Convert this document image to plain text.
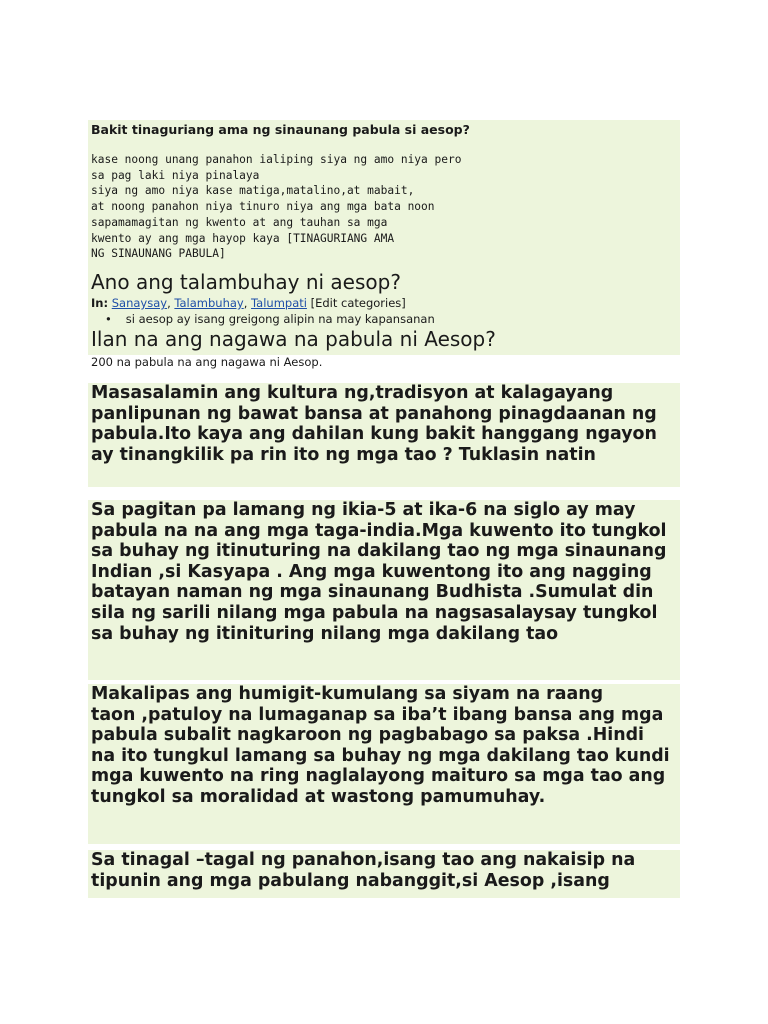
Bakit tinaguriang ama ng sinaunang pabula si aesop?
kase noong unang panahon ialiping siya ng amo niya pero
sa pag laki niya pinalaya
siya ng amo niya kase matiga,matalino,at mabait,
at noong panahon niya tinuro niya ang mga bata noon
sapamamagitan ng kwento at ang tauhan sa mga
kwento ay ang mga hayop kaya [TINAGURIANG AMA
NG SINAUNANG PABULA]
Ano ang talambuhay ni aesop?
In: Sanaysay, Talambuhay, Talumpati [Edit categories]
• si aesop ay isang greigong alipin na may kapansanan
Ilan na ang nagawa na pabula ni Aesop?
200 na pabula na ang nagawa ni Aesop.
Masasalamin ang kultura ng,tradisyon at kalagayang
panlipunan ng bawat bansa at panahong pinagdaanan ng
pabula.Ito kaya ang dahilan kung bakit hanggang ngayon
ay tinangkilik pa rin ito ng mga tao ? Tuklasin natin
Sa pagitan pa lamang ng ikia-5 at ika-6 na siglo ay may
pabula na na ang mga taga-india.Mga kuwento ito tungkol
sa buhay ng itinuturing na dakilang tao ng mga sinaunang
Indian ,si Kasyapa . Ang mga kuwentong ito ang nagging
batayan naman ng mga sinaunang Budhista .Sumulat din
sila ng sarili nilang mga pabula na nagsasalaysay tungkol
sa buhay ng itinituring nilang mga dakilang tao
Makalipas ang humigit-kumulang sa siyam na raang
taon ,patuloy na lumaganap sa iba’t ibang bansa ang mga
pabula subalit nagkaroon ng pagbabago sa paksa .Hindi
na ito tungkul lamang sa buhay ng mga dakilang tao kundi
mga kuwento na ring naglalayong maituro sa mga tao ang
tungkol sa moralidad at wastong pamumuhay.
Sa tinagal –tagal ng panahon,isang tao ang nakaisip na
tipunin ang mga pabulang nabanggit,si Aesop ,isang
